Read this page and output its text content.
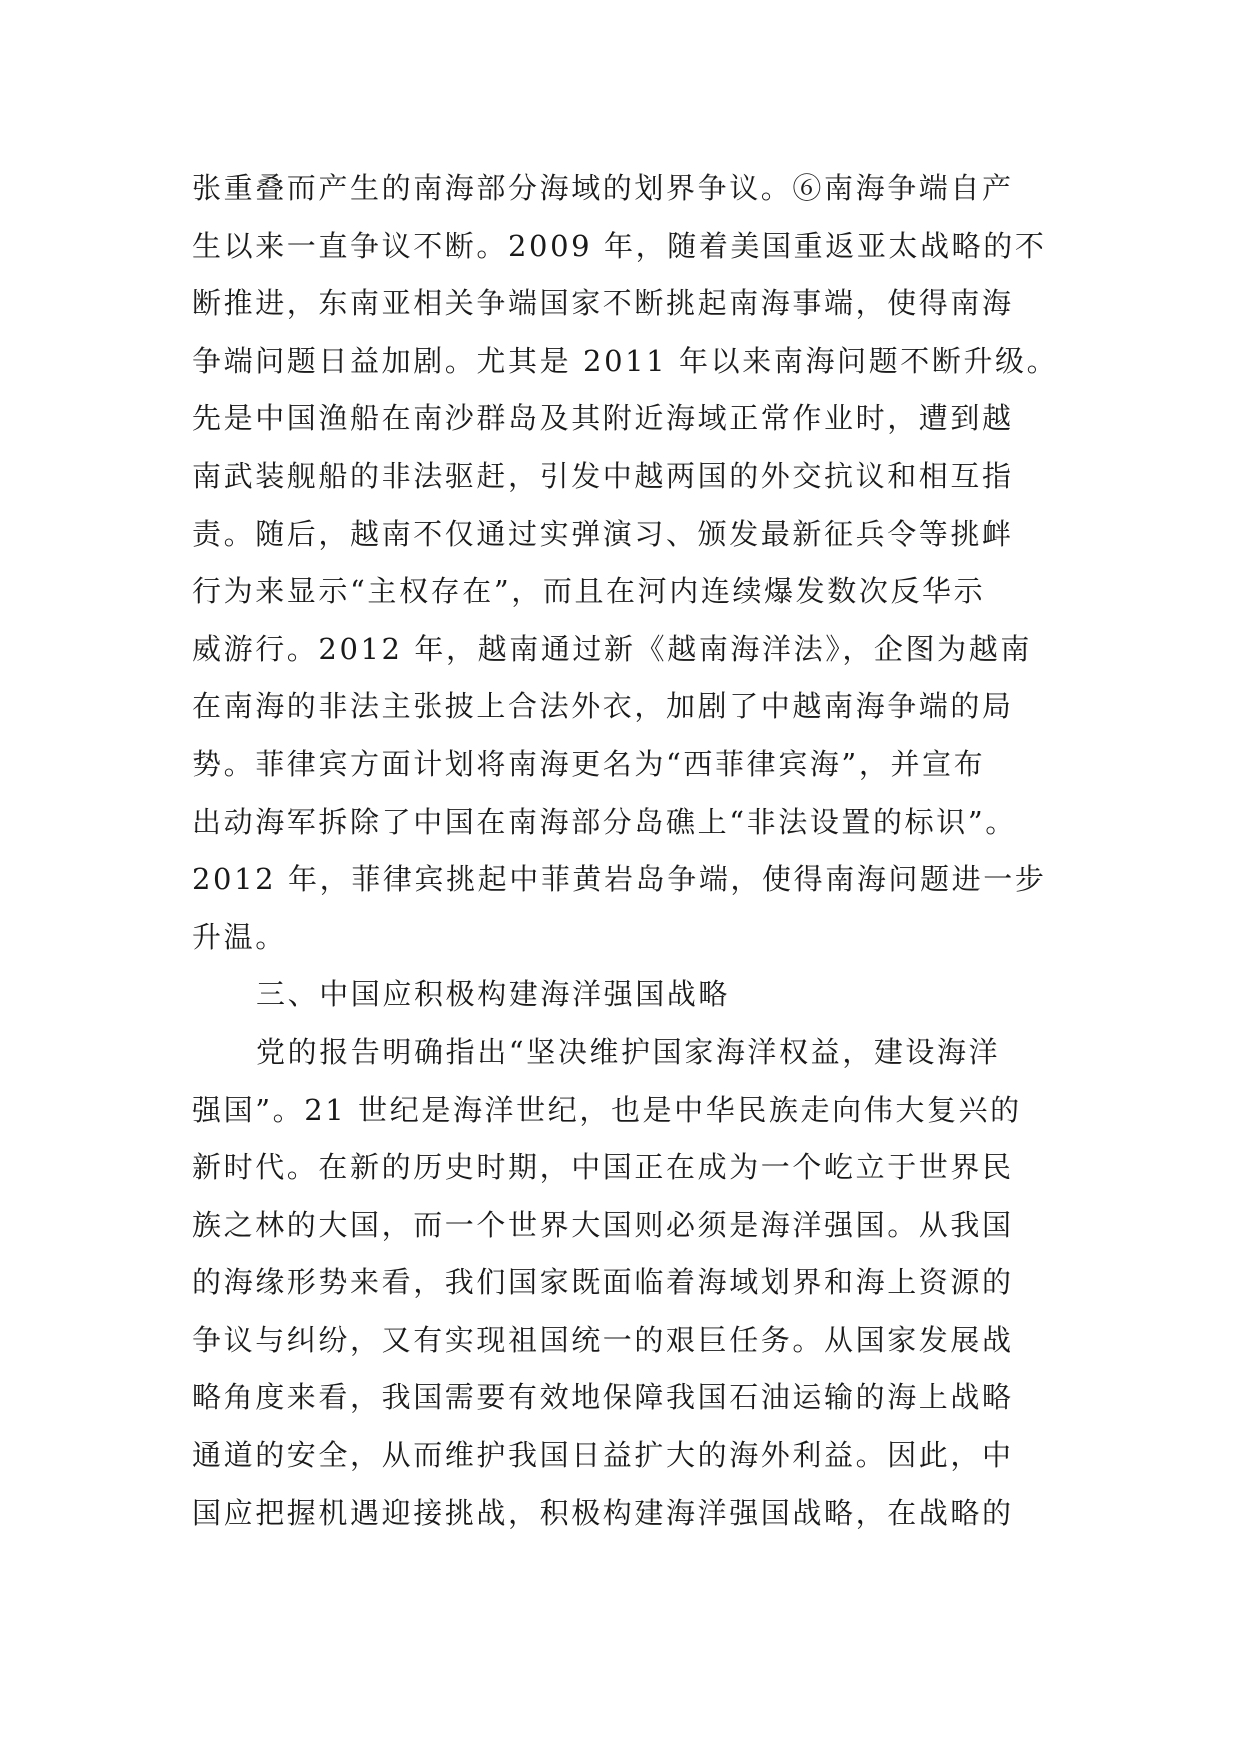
张重叠而产生的南海部分海域的划界争议。⑥南海争端自产
生以来一直争议不断。2009 年，随着美国重返亚太战略的不
断推进，东南亚相关争端国家不断挑起南海事端，使得南海
争端问题日益加剧。尤其是 2011 年以来南海问题不断升级。
先是中国渔船在南沙群岛及其附近海域正常作业时，遭到越
南武装舰船的非法驱赶，引发中越两国的外交抗议和相互指
责。随后，越南不仅通过实弹演习、颁发最新征兵令等挑衅
行为来显示“主权存在”，而且在河内连续爆发数次反华示
威游行。2012 年，越南通过新《越南海洋法》，企图为越南
在南海的非法主张披上合法外衣，加剧了中越南海争端的局
势。菲律宾方面计划将南海更名为“西菲律宾海”，并宣布
出动海军拆除了中国在南海部分岛礁上“非法设置的标识”。
2012 年，菲律宾挑起中菲黄岩岛争端，使得南海问题进一步
升温。
三、中国应积极构建海洋强国战略
党的报告明确指出“坚决维护国家海洋权益，建设海洋
强国”。21 世纪是海洋世纪，也是中华民族走向伟大复兴的
新时代。在新的历史时期，中国正在成为一个屹立于世界民
族之林的大国，而一个世界大国则必须是海洋强国。从我国
的海缘形势来看，我们国家既面临着海域划界和海上资源的
争议与纠纷，又有实现祖国统一的艰巨任务。从国家发展战
略角度来看，我国需要有效地保障我国石油运输的海上战略
通道的安全，从而维护我国日益扩大的海外利益。因此，中
国应把握机遇迎接挑战，积极构建海洋强国战略，在战略的
